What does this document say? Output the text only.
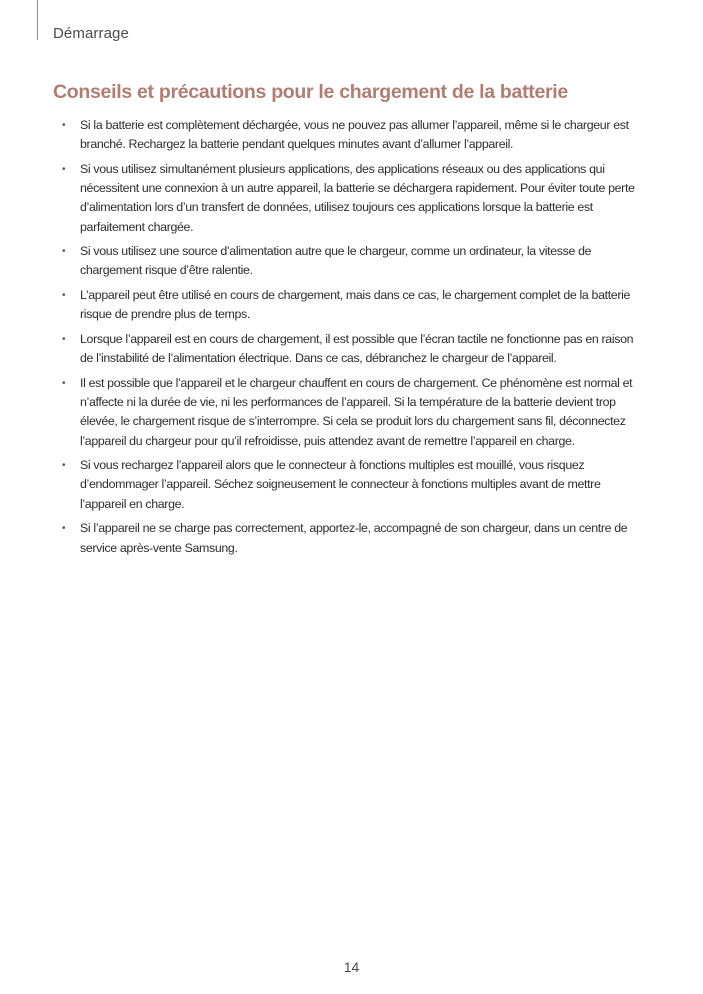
Démarrage
Conseils et précautions pour le chargement de la batterie
• Si la batterie est complètement déchargée, vous ne pouvez pas allumer l’appareil, même si le chargeur est branché. Rechargez la batterie pendant quelques minutes avant d’allumer l’appareil.
• Si vous utilisez simultanément plusieurs applications, des applications réseaux ou des applications qui nécessitent une connexion à un autre appareil, la batterie se déchargera rapidement. Pour éviter toute perte d’alimentation lors d’un transfert de données, utilisez toujours ces applications lorsque la batterie est parfaitement chargée.
• Si vous utilisez une source d’alimentation autre que le chargeur, comme un ordinateur, la vitesse de chargement risque d’être ralentie.
• L’appareil peut être utilisé en cours de chargement, mais dans ce cas, le chargement complet de la batterie risque de prendre plus de temps.
• Lorsque l’appareil est en cours de chargement, il est possible que l’écran tactile ne fonctionne pas en raison de l’instabilité de l’alimentation électrique. Dans ce cas, débranchez le chargeur de l’appareil.
• Il est possible que l’appareil et le chargeur chauffent en cours de chargement. Ce phénomène est normal et n’affecte ni la durée de vie, ni les performances de l’appareil. Si la température de la batterie devient trop élevée, le chargement risque de s’interrompre. Si cela se produit lors du chargement sans fil, déconnectez l’appareil du chargeur pour qu’il refroidisse, puis attendez avant de remettre l’appareil en charge.
• Si vous rechargez l’appareil alors que le connecteur à fonctions multiples est mouillé, vous risquez d’endommager l’appareil. Séchez soigneusement le connecteur à fonctions multiples avant de mettre l’appareil en charge.
• Si l’appareil ne se charge pas correctement, apportez-le, accompagné de son chargeur, dans un centre de service après-vente Samsung.
14
